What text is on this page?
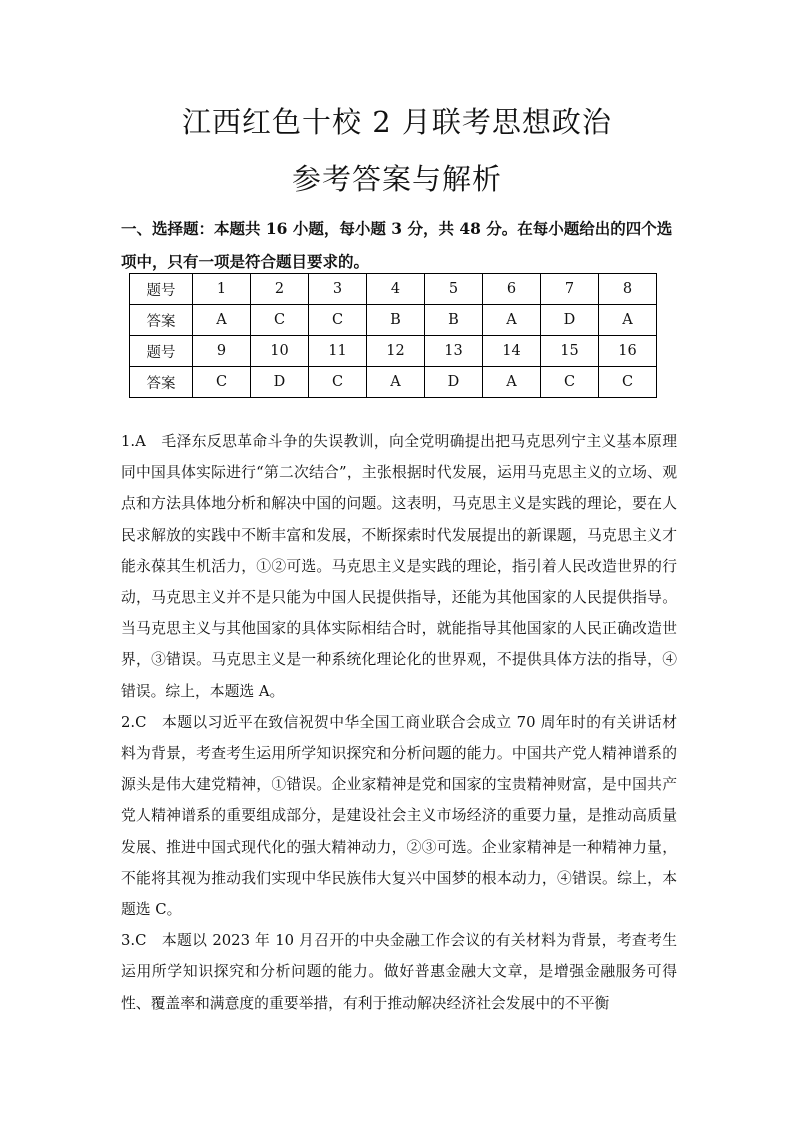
江西红色十校 2 月联考思想政治
参考答案与解析
一、选择题：本题共 16 小题，每小题 3 分，共 48 分。在每小题给出的四个选项中，只有一项是符合题目要求的。
题号	1	2	3	4	5	6	7	8
答案	A	C	C	B	B	A	D	A
题号	9	10	11	12	13	14	15	16
答案	C	D	C	A	D	A	C	C

1.A　毛泽东反思革命斗争的失误教训，向全党明确提出把马克思列宁主义基本原理同中国具体实际进行“第二次结合”，主张根据时代发展，运用马克思主义的立场、观点和方法具体地分析和解决中国的问题。这表明，马克思主义是实践的理论，要在人民求解放的实践中不断丰富和发展，不断探索时代发展提出的新课题，马克思主义才能永葆其生机活力，①②可选。马克思主义是实践的理论，指引着人民改造世界的行动，马克思主义并不是只能为中国人民提供指导，还能为其他国家的人民提供指导。当马克思主义与其他国家的具体实际相结合时，就能指导其他国家的人民正确改造世界，③错误。马克思主义是一种系统化理论化的世界观，不提供具体方法的指导，④错误。综上，本题选 A。

2.C　本题以习近平在致信祝贺中华全国工商业联合会成立 70 周年时的有关讲话材料为背景，考查考生运用所学知识探究和分析问题的能力。中国共产党人精神谱系的源头是伟大建党精神，①错误。企业家精神是党和国家的宝贵精神财富，是中国共产党人精神谱系的重要组成部分，是建设社会主义市场经济的重要力量，是推动高质量发展、推进中国式现代化的强大精神动力，②③可选。企业家精神是一种精神力量，不能将其视为推动我们实现中华民族伟大复兴中国梦的根本动力，④错误。综上，本题选 C。

3.C　本题以 2023 年 10 月召开的中央金融工作会议的有关材料为背景，考查考生运用所学知识探究和分析问题的能力。做好普惠金融大文章，是增强金融服务可得性、覆盖率和满意度的重要举措，有利于推动解决经济社会发展中的不平衡
